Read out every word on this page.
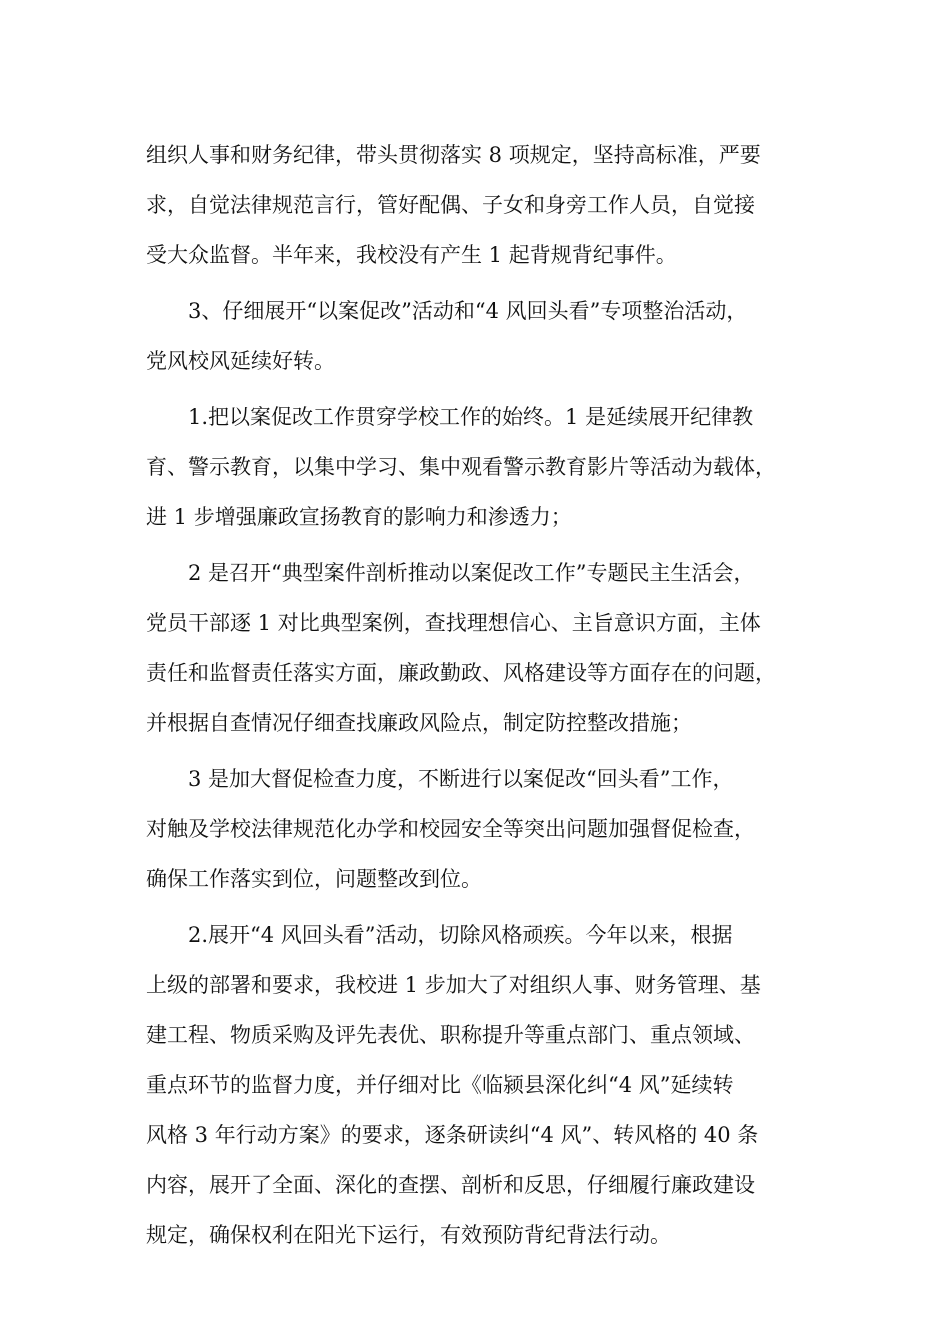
组织人事和财务纪律，带头贯彻落实 8 项规定，坚持高标准，严要
求，自觉法律规范言行，管好配偶、子女和身旁工作人员，自觉接
受大众监督。半年来，我校没有产生 1 起背规背纪事件。
3、仔细展开“以案促改”活动和“4 风回头看”专项整治活动，
党风校风延续好转。
1.把以案促改工作贯穿学校工作的始终。1 是延续展开纪律教
育、警示教育，以集中学习、集中观看警示教育影片等活动为载体，
进 1 步增强廉政宣扬教育的影响力和渗透力；
2 是召开“典型案件剖析推动以案促改工作”专题民主生活会，
党员干部逐 1 对比典型案例，查找理想信心、主旨意识方面，主体
责任和监督责任落实方面，廉政勤政、风格建设等方面存在的问题，
并根据自查情况仔细查找廉政风险点，制定防控整改措施；
3 是加大督促检查力度，不断进行以案促改“回头看”工作，
对触及学校法律规范化办学和校园安全等突出问题加强督促检查，
确保工作落实到位，问题整改到位。
2.展开“4 风回头看”活动，切除风格顽疾。今年以来，根据
上级的部署和要求，我校进 1 步加大了对组织人事、财务管理、基
建工程、物质采购及评先表优、职称提升等重点部门、重点领域、
重点环节的监督力度，并仔细对比《临颍县深化纠“4 风”延续转
风格 3 年行动方案》的要求，逐条研读纠“4 风”、转风格的 40 条
内容，展开了全面、深化的查摆、剖析和反思，仔细履行廉政建设
规定，确保权利在阳光下运行，有效预防背纪背法行动。
